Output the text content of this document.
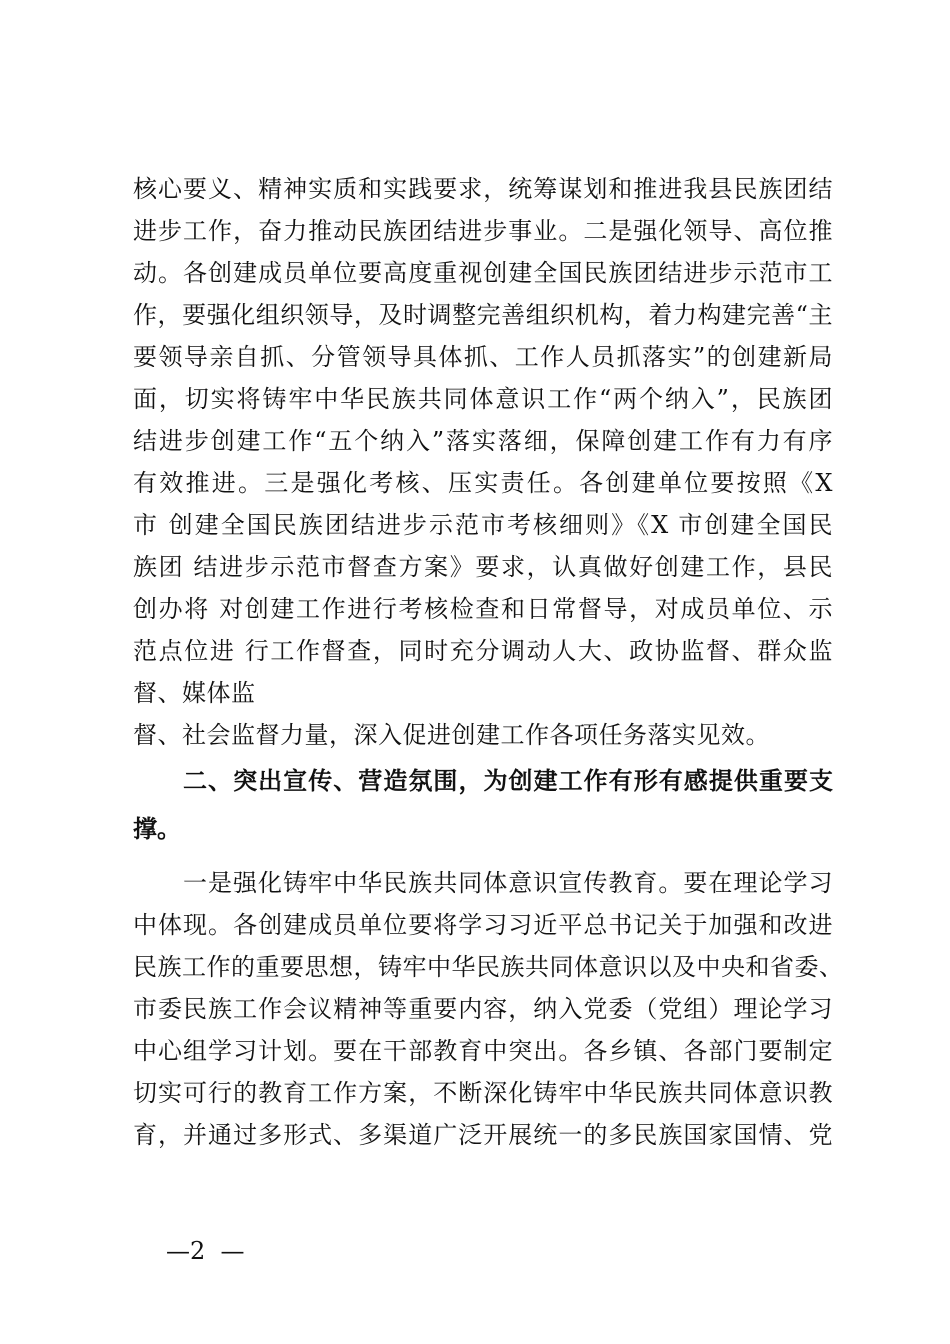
核心要义、精神实质和实践要求，统筹谋划和推进我县民族团结
进步工作，奋力推动民族团结进步事业。二是强化领导、高位推
动。各创建成员单位要高度重视创建全国民族团结进步示范市工
作，要强化组织领导，及时调整完善组织机构，着力构建完善“主
要领导亲自抓、分管领导具体抓、工作人员抓落实”的创建新局
面，切实将铸牢中华民族共同体意识工作“两个纳入”，民族团
结进步创建工作“五个纳入”落实落细，保障创建工作有力有序
有效推进。三是强化考核、压实责任。各创建单位要按照《X
市 创建全国民族团结进步示范市考核细则》《X 市创建全国民
族团 结进步示范市督查方案》要求，认真做好创建工作，县民
创办将 对创建工作进行考核检查和日常督导，对成员单位、示
范点位进 行工作督查，同时充分调动人大、政协监督、群众监
督、媒体监
督、社会监督力量，深入促进创建工作各项任务落实见效。
二、突出宣传、营造氛围，为创建工作有形有感提供重要支
撑。
一是强化铸牢中华民族共同体意识宣传教育。要在理论学习
中体现。各创建成员单位要将学习习近平总书记关于加强和改进
民族工作的重要思想，铸牢中华民族共同体意识以及中央和省委、
市委民族工作会议精神等重要内容，纳入党委（党组）理论学习
中心组学习计划。要在干部教育中突出。各乡镇、各部门要制定
切实可行的教育工作方案，不断深化铸牢中华民族共同体意识教
育，并通过多形式、多渠道广泛开展统一的多民族国家国情、党
—2  —
